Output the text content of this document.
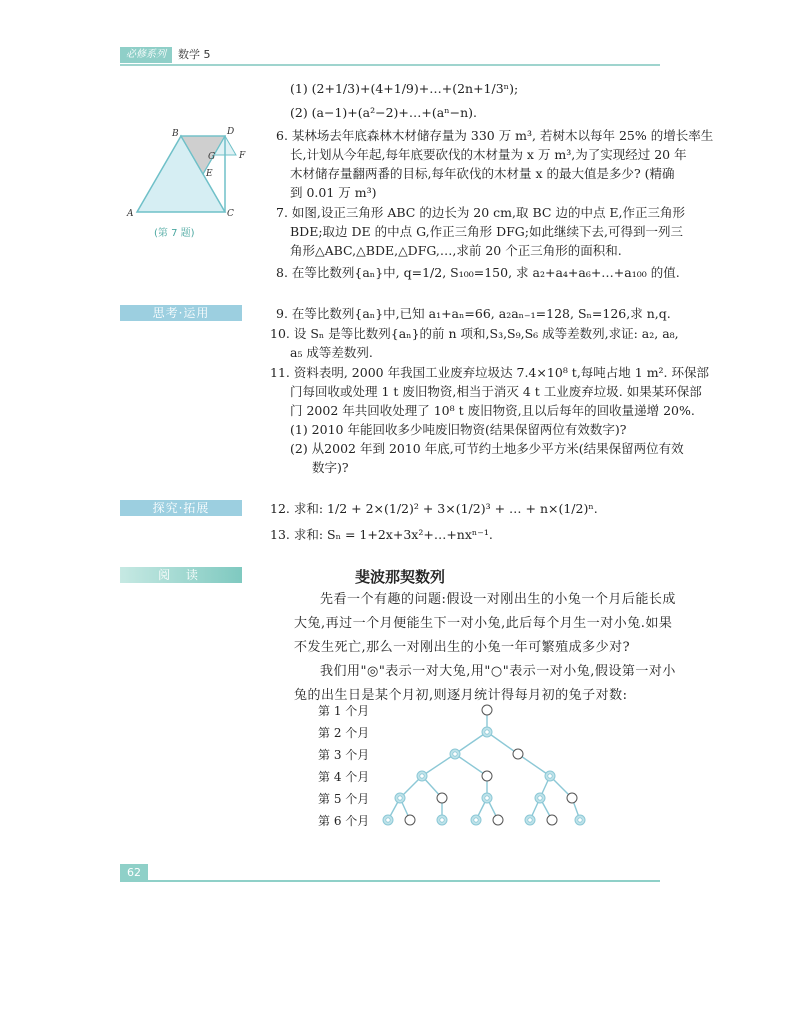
必修系列	数学 5
(1) (2+1/3)+(4+1/9)+…+(2n+1/3ⁿ);
(2) (a−1)+(a²−2)+…+(aⁿ−n).
6. 某林场去年底森林木材储存量为 330 万 m³, 若树木以每年 25% 的增长率生
长,计划从今年起,每年底要砍伐的木材量为 x 万 m³,为了实现经过 20 年
木材储存量翻两番的目标,每年砍伐的木材量 x 的最大值是多少? (精确
到 0.01 万 m³)
7. 如图,设正三角形 ABC 的边长为 20 cm,取 BC 边的中点 E,作正三角形
BDE;取边 DE 的中点 G,作正三角形 DFG;如此继续下去,可得到一列三
角形△ABC,△BDE,△DFG,…,求前 20 个正三角形的面积和.
8. 在等比数列{aₙ}中, q=1/2, S₁₀₀=150, 求 a₂+a₄+a₆+…+a₁₀₀ 的值.
B	D
F
G
E
A	C
(第 7 题)
思考·运用	9. 在等比数列{aₙ}中,已知 a₁+aₙ=66, a₂aₙ₋₁=128, Sₙ=126,求 n,q.
10. 设 Sₙ 是等比数列{aₙ}的前 n 项和,S₃,S₉,S₆ 成等差数列,求证: a₂, a₈,
a₅ 成等差数列.
11. 资料表明, 2000 年我国工业废弃垃圾达 7.4×10⁸ t,每吨占地 1 m². 环保部
门每回收或处理 1 t 废旧物资,相当于消灭 4 t 工业废弃垃圾. 如果某环保部
门 2002 年共回收处理了 10⁸ t 废旧物资,且以后每年的回收量递增 20%.
(1) 2010 年能回收多少吨废旧物资(结果保留两位有效数字)?
(2) 从2002 年到 2010 年底,可节约土地多少平方米(结果保留两位有效
数字)?
探究·拓展	12. 求和: 1/2 + 2×(1/2)² + 3×(1/2)³ + … + n×(1/2)ⁿ.
13. 求和: Sₙ = 1+2x+3x²+…+nxⁿ⁻¹.
阅 读	斐波那契数列
先看一个有趣的问题:假设一对刚出生的小兔一个月后能长成大兔,再过一个月便能生下一对小兔,此后每个月生一对小兔.如果不发生死亡,那么一对刚出生的小兔一年可繁殖成多少对?
我们用"◎"表示一对大兔,用"○"表示一对小兔,假设第一对小兔的出生日是某个月初,则逐月统计得每月初的兔子对数:
第 1 个月
第 2 个月
第 3 个月
第 4 个月
第 5 个月
第 6 个月
62
